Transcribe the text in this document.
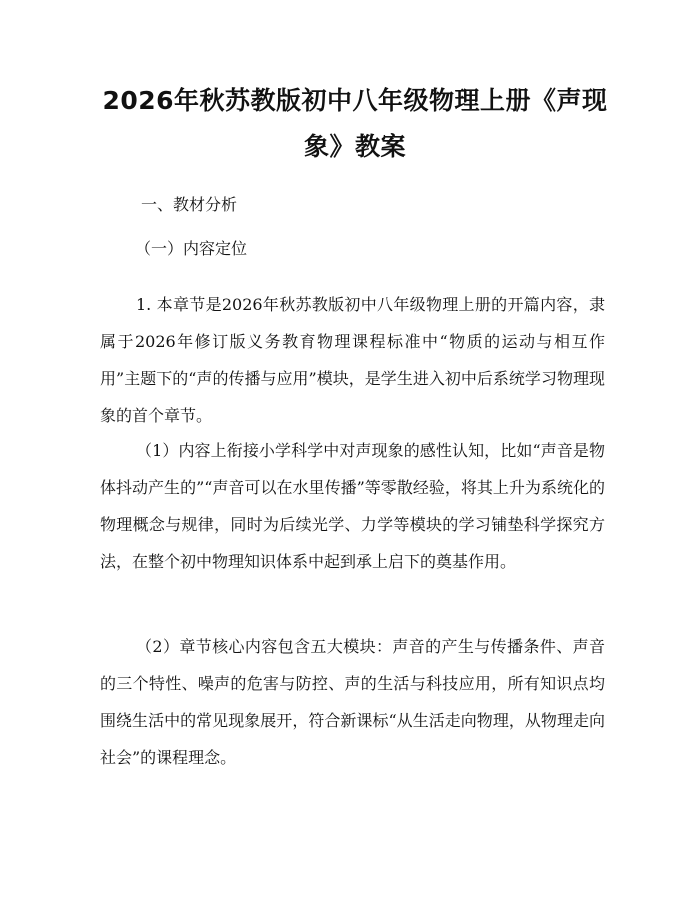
2026年秋苏教版初中八年级物理上册《声现象》教案

一、教材分析

（一）内容定位

1. 本章节是2026年秋苏教版初中八年级物理上册的开篇内容，隶属于2026年修订版义务教育物理课程标准中“物质的运动与相互作用”主题下的“声的传播与应用”模块，是学生进入初中后系统学习物理现象的首个章节。

（1）内容上衔接小学科学中对声现象的感性认知，比如“声音是物体抖动产生的”“声音可以在水里传播”等零散经验，将其上升为系统化的物理概念与规律，同时为后续光学、力学等模块的学习铺垫科学探究方法，在整个初中物理知识体系中起到承上启下的奠基作用。

（2）章节核心内容包含五大模块：声音的产生与传播条件、声音的三个特性、噪声的危害与防控、声的生活与科技应用，所有知识点均围绕生活中的常见现象展开，符合新课标“从生活走向物理，从物理走向社会”的课程理念。
